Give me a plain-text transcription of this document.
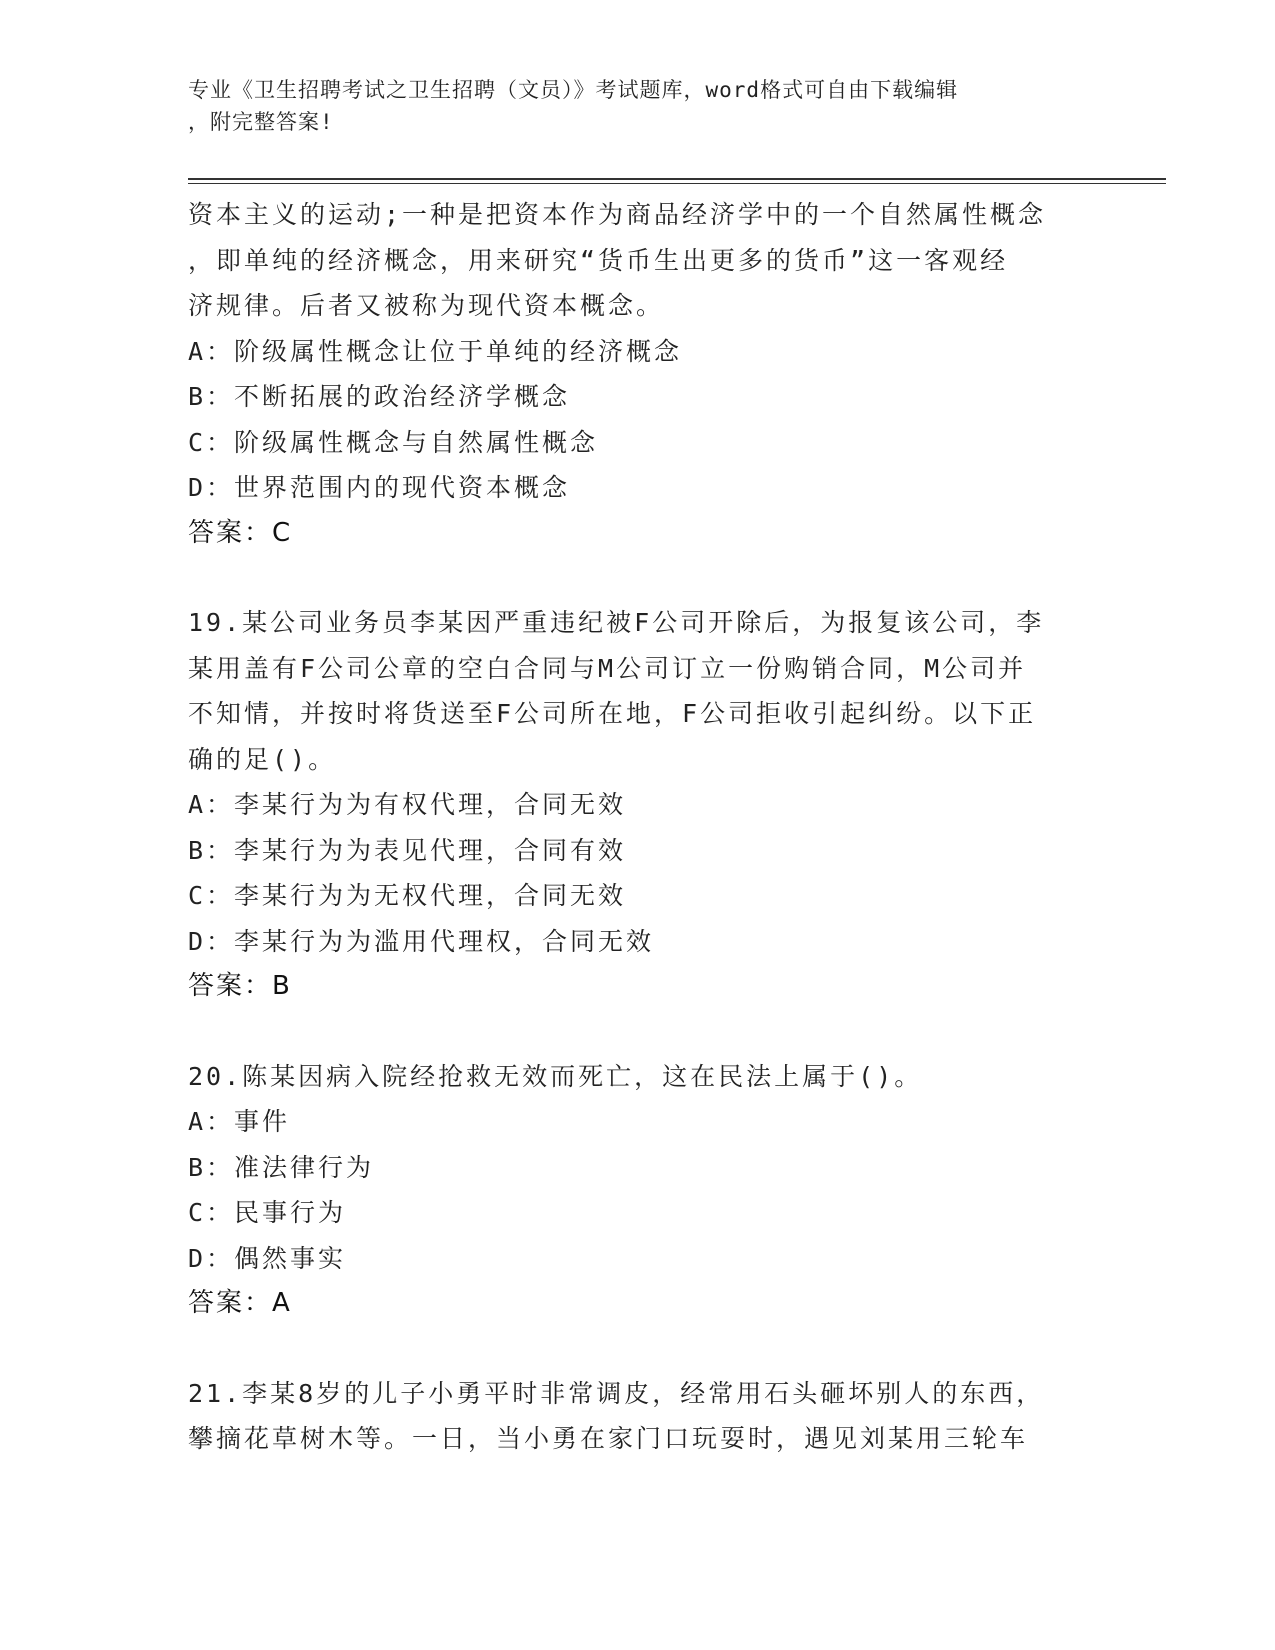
专业《卫生招聘考试之卫生招聘（文员）》考试题库，word格式可自由下载编辑
，附完整答案!
资本主义的运动;一种是把资本作为商品经济学中的一个自然属性概念
，即单纯的经济概念，用来研究“货币生出更多的货币”这一客观经
济规律。后者又被称为现代资本概念。
A：阶级属性概念让位于单纯的经济概念
B：不断拓展的政治经济学概念
C：阶级属性概念与自然属性概念
D：世界范围内的现代资本概念
答案：C
19.某公司业务员李某因严重违纪被F公司开除后，为报复该公司，李
某用盖有F公司公章的空白合同与M公司订立一份购销合同，M公司并
不知情，并按时将货送至F公司所在地，F公司拒收引起纠纷。以下正
确的足()。
A：李某行为为有权代理，合同无效
B：李某行为为表见代理，合同有效
C：李某行为为无权代理，合同无效
D：李某行为为滥用代理权，合同无效
答案：B
20.陈某因病入院经抢救无效而死亡，这在民法上属于()。
A：事件
B：准法律行为
C：民事行为
D：偶然事实
答案：A
21.李某8岁的儿子小勇平时非常调皮，经常用石头砸坏别人的东西，
攀摘花草树木等。一日，当小勇在家门口玩耍时，遇见刘某用三轮车
